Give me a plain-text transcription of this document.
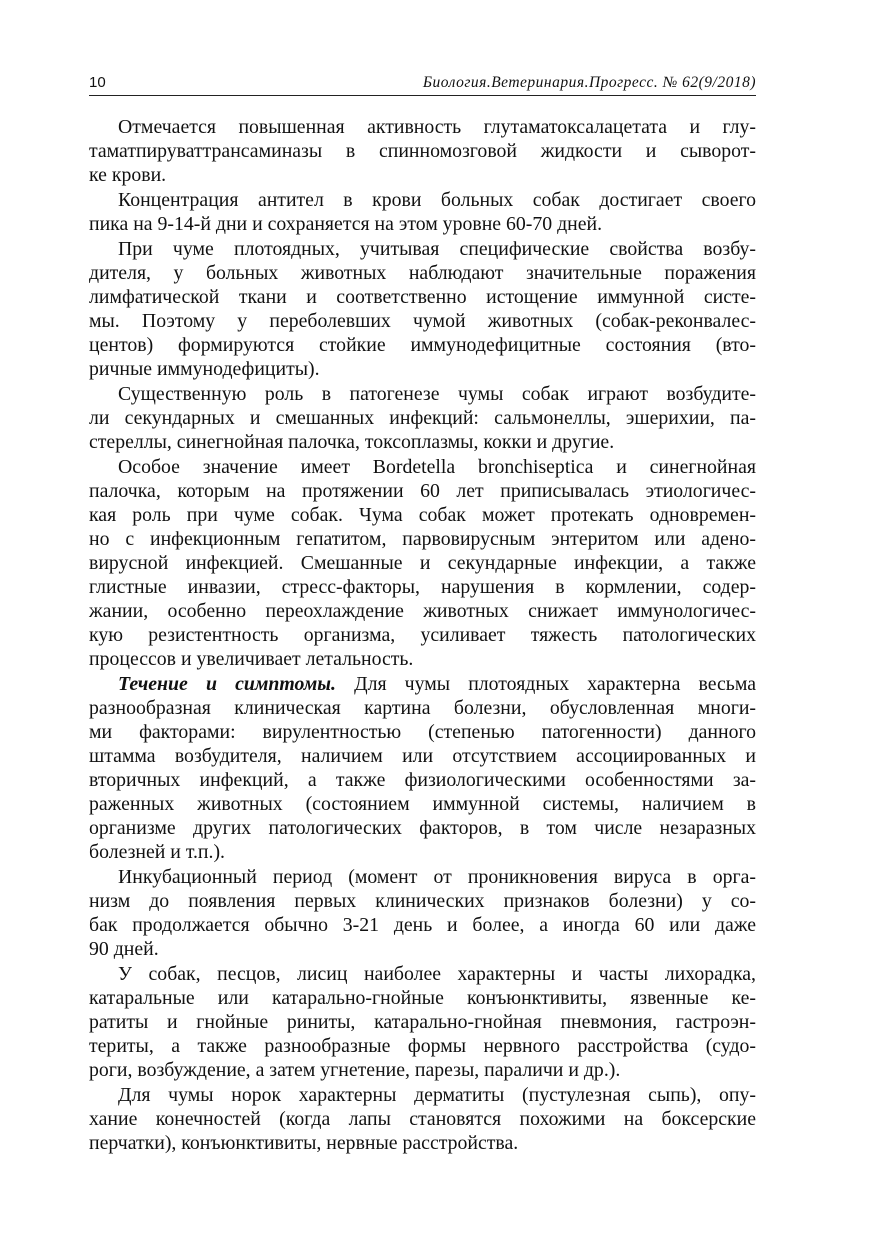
10	Биология.Ветеринария.Прогресс. № 62(9/2018)
Отмечается повышенная активность глутаматоксалацетата и глу-
таматпируваттрансаминазы в спинномозговой жидкости и сыворот-
ке крови.
Концентрация антител в крови больных собак достигает своего
пика на 9-14-й дни и сохраняется на этом уровне 60-70 дней.
При чуме плотоядных, учитывая специфические свойства возбу-
дителя, у больных животных наблюдают значительные поражения
лимфатической ткани и соответственно истощение иммунной систе-
мы. Поэтому у переболевших чумой животных (собак-реконвалес-
центов) формируются стойкие иммунодефицитные состояния (вто-
ричные иммунодефициты).
Существенную роль в патогенезе чумы собак играют возбудите-
ли секундарных и смешанных инфекций: сальмонеллы, эшерихии, па-
стереллы, синегнойная палочка, токсоплазмы, кокки и другие.
Особое значение имеет Bordetella bronchiseptica и синегнойная
палочка, которым на протяжении 60 лет приписывалась этиологичес-
кая роль при чуме собак. Чума собак может протекать одновремен-
но с инфекционным гепатитом, парвовирусным энтеритом или адено-
вирусной инфекцией. Смешанные и секундарные инфекции, а также
глистные инвазии, стресс-факторы, нарушения в кормлении, содер-
жании, особенно переохлаждение животных снижает иммунологичес-
кую резистентность организма, усиливает тяжесть патологических
процессов и увеличивает летальность.
Течение и симптомы. Для чумы плотоядных характерна весьма
разнообразная клиническая картина болезни, обусловленная многи-
ми факторами: вирулентностью (степенью патогенности) данного
штамма возбудителя, наличием или отсутствием ассоциированных и
вторичных инфекций, а также физиологическими особенностями за-
раженных животных (состоянием иммунной системы, наличием в
организме других патологических факторов, в том числе незаразных
болезней и т.п.).
Инкубационный период (момент от проникновения вируса в орга-
низм до появления первых клинических признаков болезни) у со-
бак продолжается обычно 3-21 день и более, а иногда 60 или даже
90 дней.
У собак, песцов, лисиц наиболее характерны и часты лихорадка,
катаральные или катарально-гнойные конъюнктивиты, язвенные ке-
ратиты и гнойные риниты, катарально-гнойная пневмония, гастроэн-
териты, а также разнообразные формы нервного расстройства (судо-
роги, возбуждение, а затем угнетение, парезы, параличи и др.).
Для чумы норок характерны дерматиты (пустулезная сыпь), опу-
хание конечностей (когда лапы становятся похожими на боксерские
перчатки), конъюнктивиты, нервные расстройства.
